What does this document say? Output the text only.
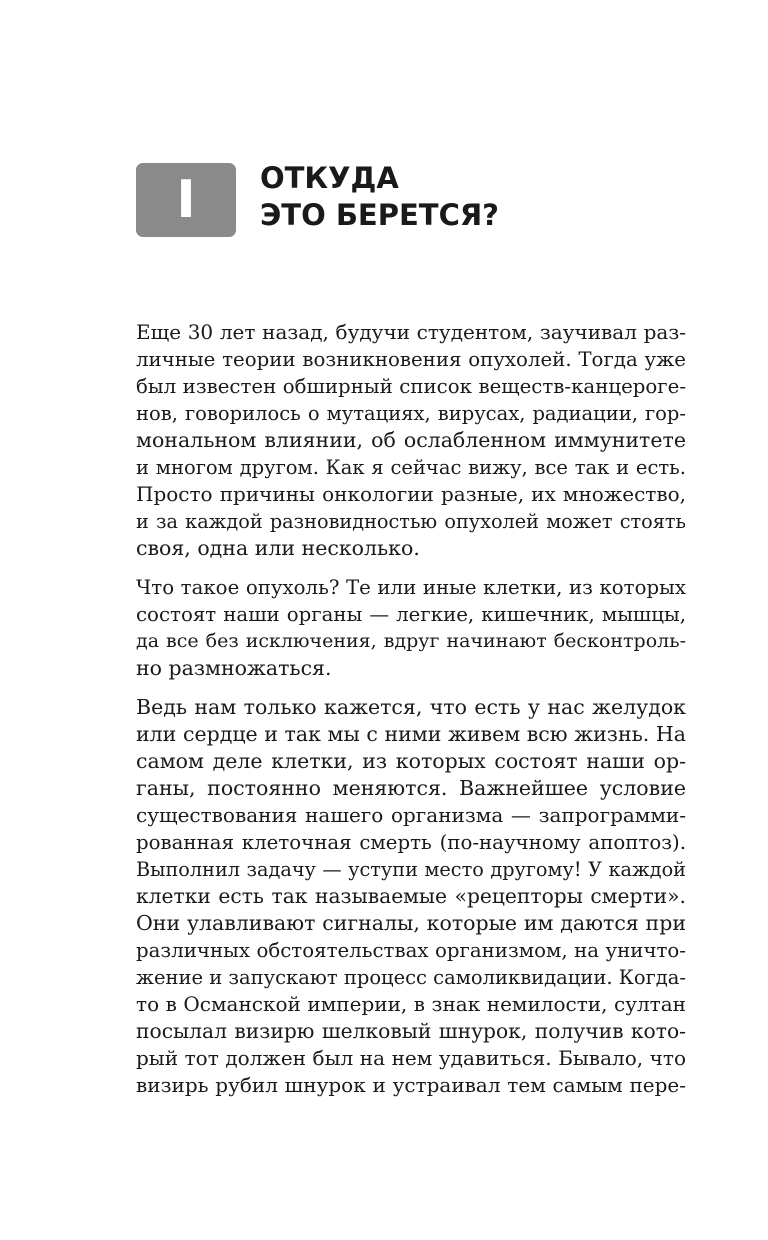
I ОТКУДА
ЭТО БЕРЕТСЯ?
Еще 30 лет назад, будучи студентом, заучивал раз-
личные теории возникновения опухолей. Тогда уже
был известен обширный список веществ-канцероге-
нов, говорилось о мутациях, вирусах, радиации, гор-
мональном влиянии, об ослабленном иммунитете
и многом другом. Как я сейчас вижу, все так и есть.
Просто причины онкологии разные, их множество,
и за каждой разновидностью опухолей может стоять
своя, одна или несколько.
Что такое опухоль? Те или иные клетки, из которых
состоят наши органы — легкие, кишечник, мышцы,
да все без исключения, вдруг начинают бесконтроль-
но размножаться.
Ведь нам только кажется, что есть у нас желудок
или сердце и так мы с ними живем всю жизнь. На
самом деле клетки, из которых состоят наши ор-
ганы, постоянно меняются. Важнейшее условие
существования нашего организма — запрограмми-
рованная клеточная смерть (по-научному апоптоз).
Выполнил задачу — уступи место другому! У каждой
клетки есть так называемые «рецепторы смерти».
Они улавливают сигналы, которые им даются при
различных обстоятельствах организмом, на уничто-
жение и запускают процесс самоликвидации. Когда-
то в Османской империи, в знак немилости, султан
посылал визирю шелковый шнурок, получив кото-
рый тот должен был на нем удавиться. Бывало, что
визирь рубил шнурок и устраивал тем самым пере-
